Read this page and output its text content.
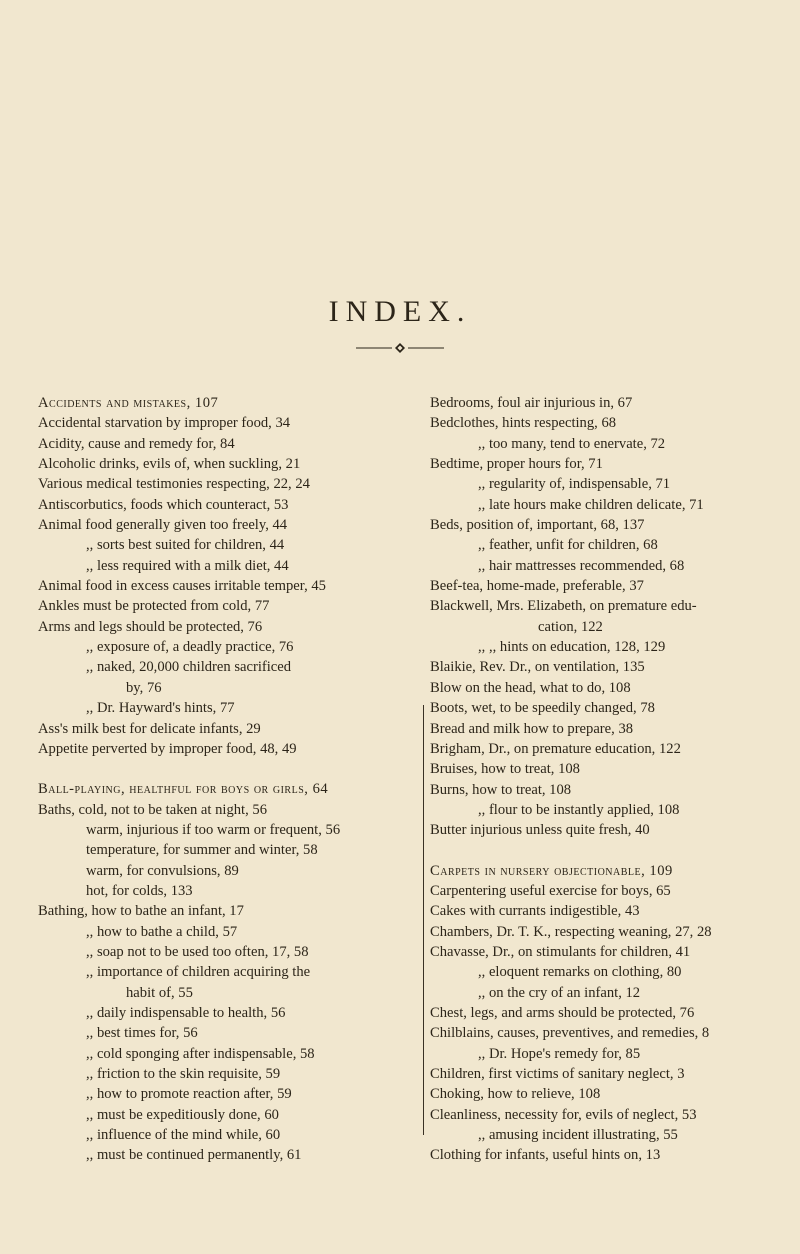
INDEX.
Accidents and mistakes, 107
Accidental starvation by improper food, 34
Acidity, cause and remedy for, 84
Alcoholic drinks, evils of, when suckling, 21
Various medical testimonies respecting, 22, 24
Antiscorbutics, foods which counteract, 53
Animal food generally given too freely, 44
,, sorts best suited for children, 44
,, less required with a milk diet, 44
Animal food in excess causes irritable temper, 45
Ankles must be protected from cold, 77
Arms and legs should be protected, 76
,, exposure of, a deadly practice, 76
,, naked, 20,000 children sacrificed
by, 76
,, Dr. Hayward's hints, 77
Ass's milk best for delicate infants, 29
Appetite perverted by improper food, 48, 49
Ball-playing, healthful for boys or girls, 64
Baths, cold, not to be taken at night, 56
warm, injurious if too warm or frequent, 56
temperature, for summer and winter, 58
warm, for convulsions, 89
hot, for colds, 133
Bathing, how to bathe an infant, 17
,, how to bathe a child, 57
,, soap not to be used too often, 17, 58
,, importance of children acquiring the
habit of, 55
,, daily indispensable to health, 56
,, best times for, 56
,, cold sponging after indispensable, 58
,, friction to the skin requisite, 59
,, how to promote reaction after, 59
,, must be expeditiously done, 60
,, influence of the mind while, 60
,, must be continued permanently, 61
Bedrooms, foul air injurious in, 67
Bedclothes, hints respecting, 68
,, too many, tend to enervate, 72
Bedtime, proper hours for, 71
,, regularity of, indispensable, 71
,, late hours make children delicate, 71
Beds, position of, important, 68, 137
,, feather, unfit for children, 68
,, hair mattresses recommended, 68
Beef-tea, home-made, preferable, 37
Blackwell, Mrs. Elizabeth, on premature edu-
cation, 122
,, ,, hints on education, 128, 129
Blaikie, Rev. Dr., on ventilation, 135
Blow on the head, what to do, 108
Boots, wet, to be speedily changed, 78
Bread and milk how to prepare, 38
Brigham, Dr., on premature education, 122
Bruises, how to treat, 108
Burns, how to treat, 108
,, flour to be instantly applied, 108
Butter injurious unless quite fresh, 40
Carpets in nursery objectionable, 109
Carpentering useful exercise for boys, 65
Cakes with currants indigestible, 43
Chambers, Dr. T. K., respecting weaning, 27, 28
Chavasse, Dr., on stimulants for children, 41
,, eloquent remarks on clothing, 80
,, on the cry of an infant, 12
Chest, legs, and arms should be protected, 76
Chilblains, causes, preventives, and remedies, 8
,, Dr. Hope's remedy for, 85
Children, first victims of sanitary neglect, 3
Choking, how to relieve, 108
Cleanliness, necessity for, evils of neglect, 53
,, amusing incident illustrating, 55
Clothing for infants, useful hints on, 13
